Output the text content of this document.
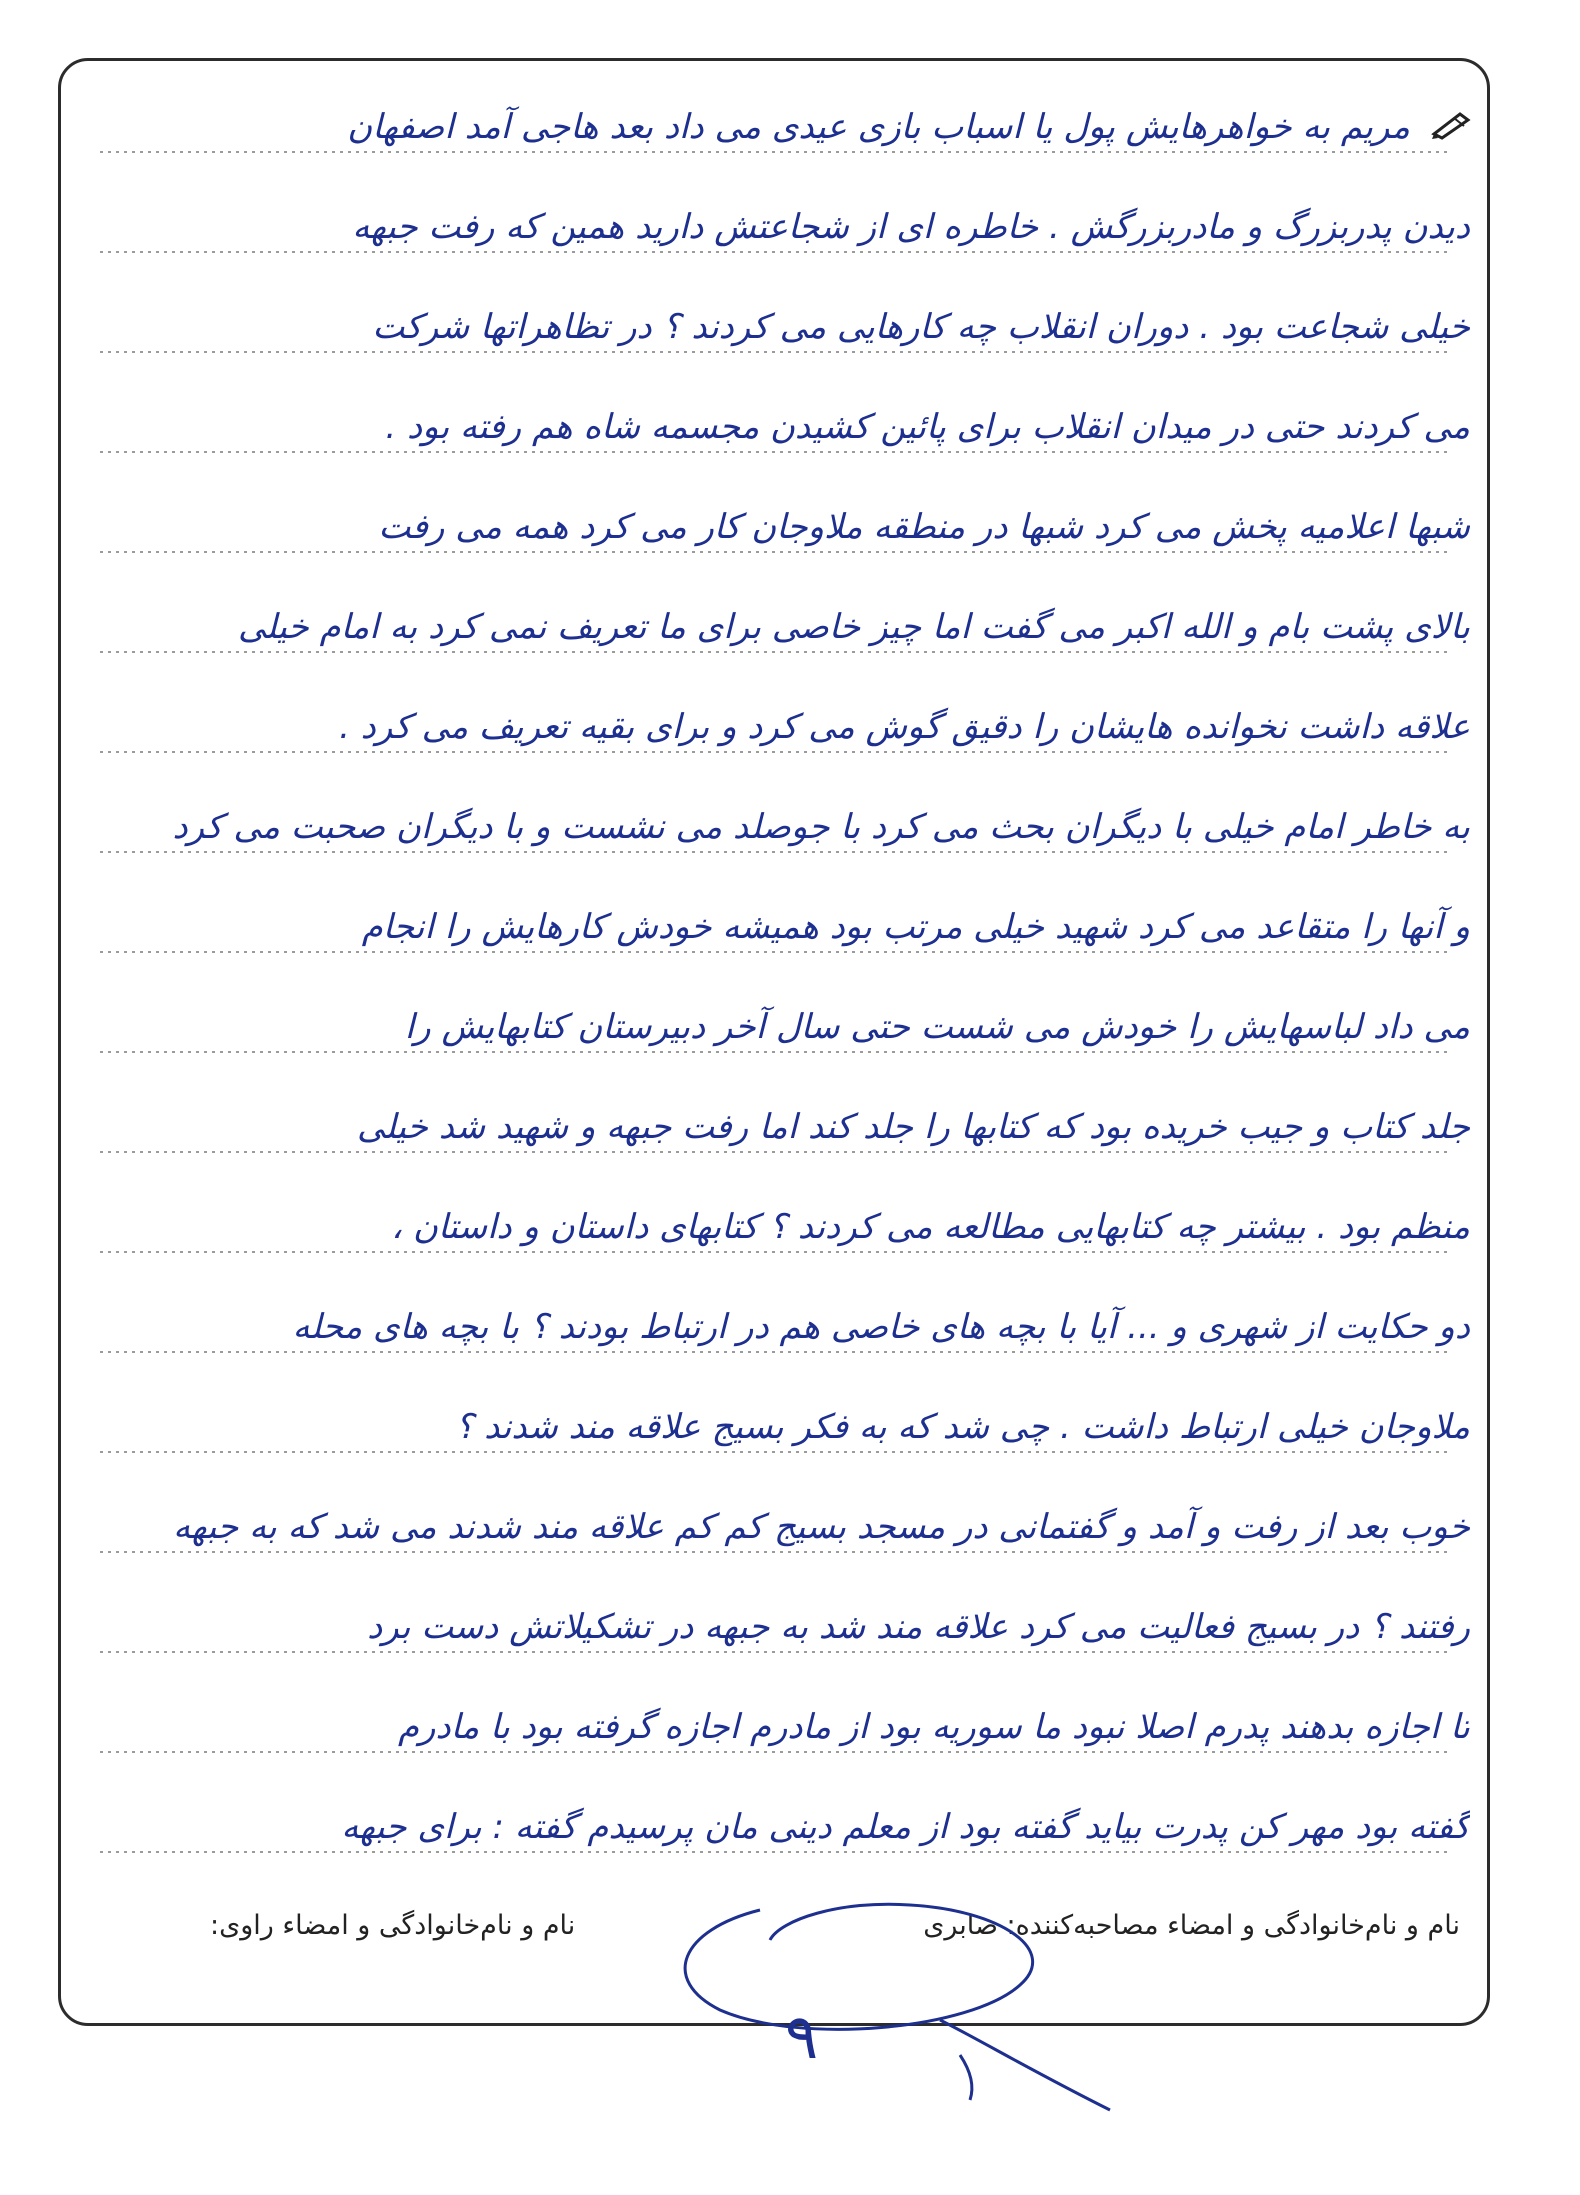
مریم به خواهرهایش پول یا اسباب بازی عیدی می داد بعد هاجی آمد اصفهان
دیدن پدربزرگ و مادربزرگش . خاطره ای از شجاعتش دارید همین که رفت جبهه
خیلی شجاعت بود . دوران انقلاب چه کارهایی می کردند ؟ در تظاهراتها شرکت
می کردند حتی در میدان انقلاب برای پائین کشیدن مجسمه شاه هم رفته بود .
شبها اعلامیه پخش می کرد شبها در منطقه ملاوجان کار می کرد همه می رفت
بالای پشت بام و الله اکبر می گفت اما چیز خاصی برای ما تعریف نمی کرد به امام خیلی
علاقه داشت نخوانده هایشان را دقیق گوش می کرد و برای بقیه تعریف می کرد .
به خاطر امام خیلی با دیگران بحث می کرد با جوصلد می نشست و با دیگران صحبت می کرد
و آنها را متقاعد می کرد شهید خیلی مرتب بود همیشه خودش کارهایش را انجام
می داد لباسهایش را خودش می شست حتی سال آخر دبیرستان کتابهایش را
جلد کتاب و جیب خریده بود که کتابها را جلد کند اما رفت جبهه و شهید شد خیلی
منظم بود . بیشتر چه کتابهایی مطالعه می کردند ؟ کتابهای داستان و داستان ،
دو حکایت از شهری و ... آیا با بچه های خاصی هم در ارتباط بودند ؟ با بچه های محله
ملاوجان خیلی ارتباط داشت . چی شد که به فکر بسیج علاقه مند شدند ؟
خوب بعد از رفت و آمد و گفتمانی در مسجد بسیج کم کم علاقه مند شدند می شد که به جبهه
رفتند ؟ در بسیج فعالیت می کرد علاقه مند شد به جبهه در تشکیلاتش دست برد
تا اجازه بدهند پدرم اصلا نبود ما سوریه بود از مادرم اجازه گرفته بود با مادرم
گفته بود مهر کن پدرت بیاید گفته بود از معلم دینی مان پرسیدم گفته : برای جبهه
نام و نام‌خانوادگی و امضاء مصاحبه‌کننده: صابری
نام و نام‌خانوادگی و امضاء راوی:
۹
